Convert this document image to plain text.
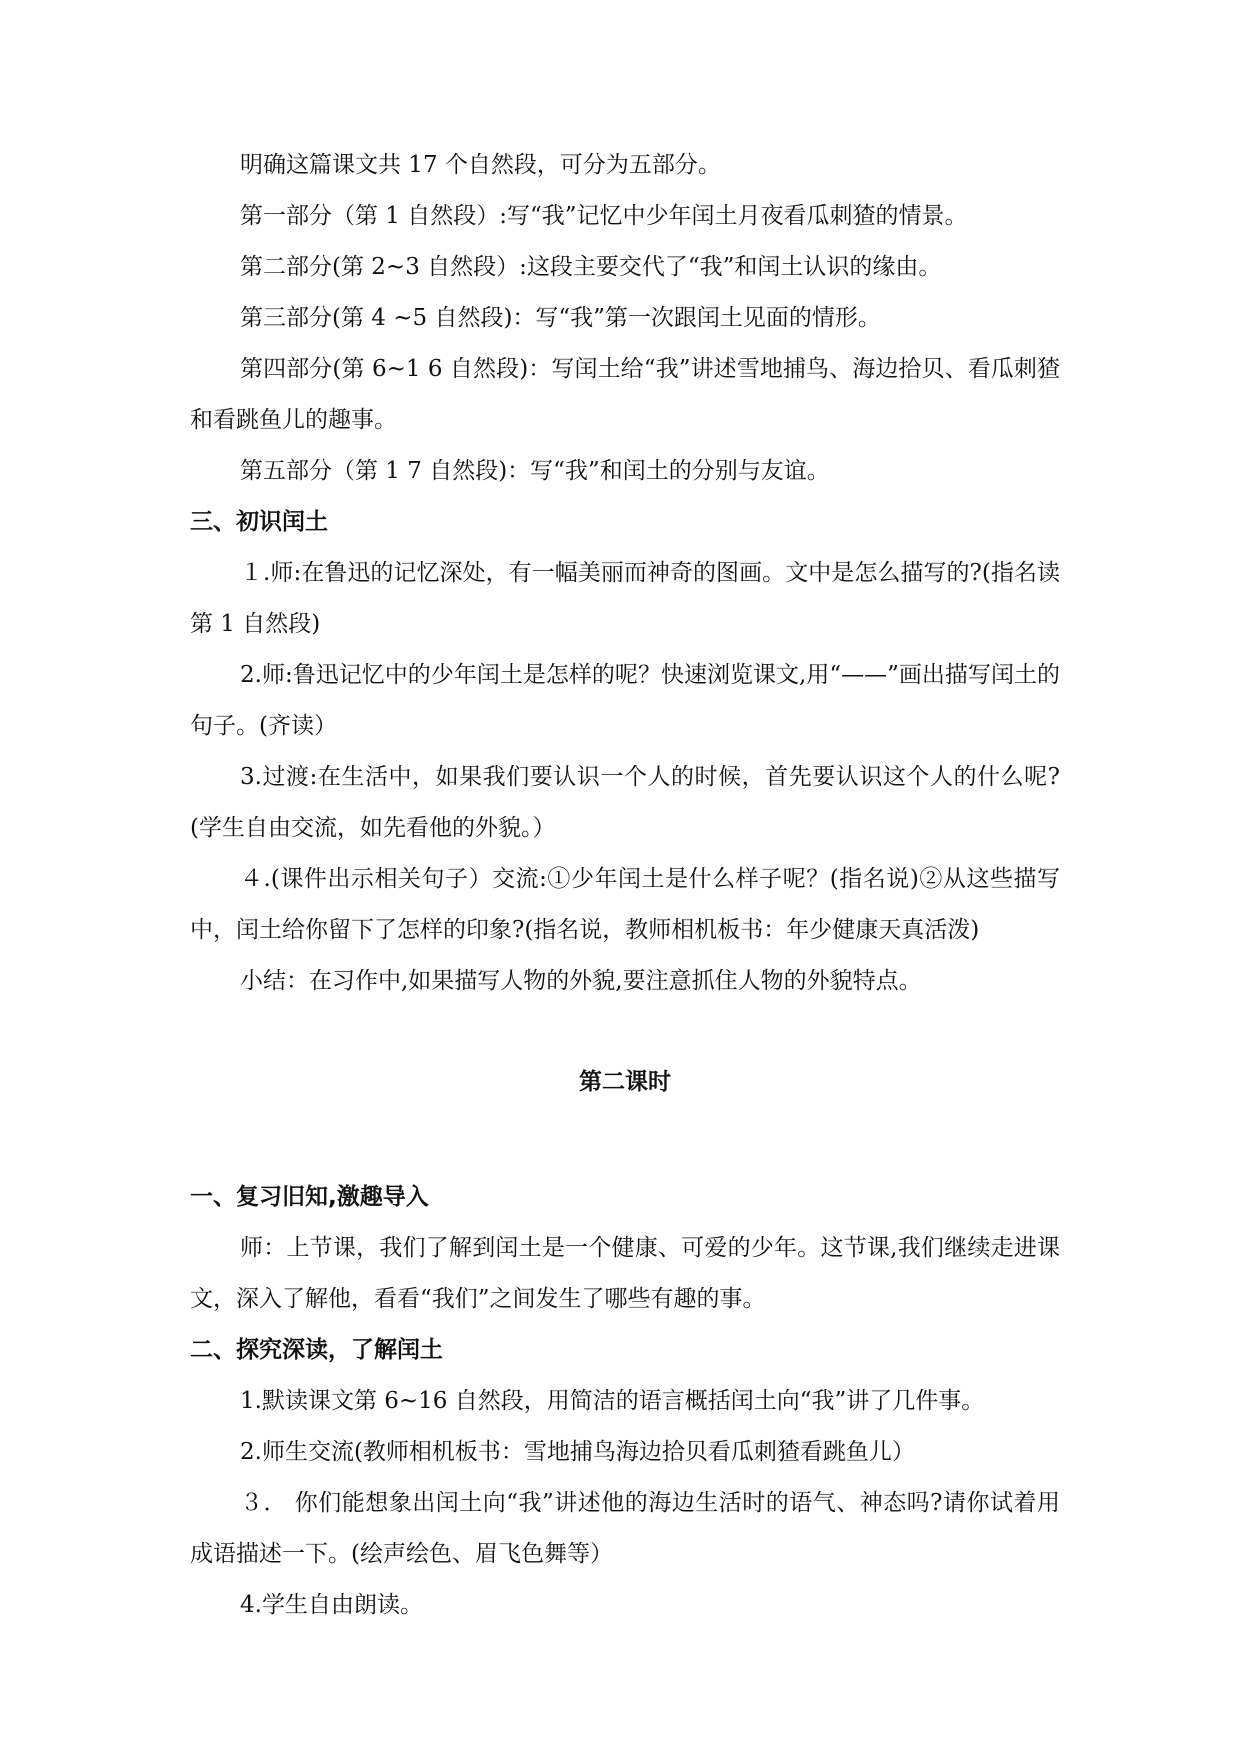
明确这篇课文共 17 个自然段，可分为五部分。

第一部分（第 1 自然段）:写“我”记忆中少年闰土月夜看瓜刺猹的情景。

第二部分(第 2~3 自然段）:这段主要交代了“我”和闰土认识的缘由。

第三部分(第 4 ~5 自然段)：写“我”第一次跟闰土见面的情形。

第四部分(第 6~1 6 自然段)：写闰土给“我”讲述雪地捕鸟、海边拾贝、看瓜刺猹和看跳鱼儿的趣事。

第五部分（第 1 7 自然段)：写“我”和闰土的分别与友谊。

三、初识闰土

１.师:在鲁迅的记忆深处，有一幅美丽而神奇的图画。文中是怎么描写的?(指名读第 1 自然段)

2.师:鲁迅记忆中的少年闰土是怎样的呢？快速浏览课文,用“——”画出描写闰土的句子。(齐读）

3.过渡:在生活中，如果我们要认识一个人的时候，首先要认识这个人的什么呢?(学生自由交流，如先看他的外貌。）

４.(课件出示相关句子）交流:①少年闰土是什么样子呢？(指名说)②从这些描写中，闰土给你留下了怎样的印象?(指名说，教师相机板书：年少健康天真活泼)

小结：在习作中,如果描写人物的外貌,要注意抓住人物的外貌特点。

第二课时

一、复习旧知,激趣导入

师：上节课，我们了解到闰土是一个健康、可爱的少年。这节课,我们继续走进课文，深入了解他，看看“我们”之间发生了哪些有趣的事。

二、探究深读，了解闰土

1.默读课文第 6~16 自然段，用简洁的语言概括闰土向“我”讲了几件事。

2.师生交流(教师相机板书：雪地捕鸟海边拾贝看瓜刺猹看跳鱼儿）

３． 你们能想象出闰土向“我”讲述他的海边生活时的语气、神态吗?请你试着用成语描述一下。(绘声绘色、眉飞色舞等）

4.学生自由朗读。
